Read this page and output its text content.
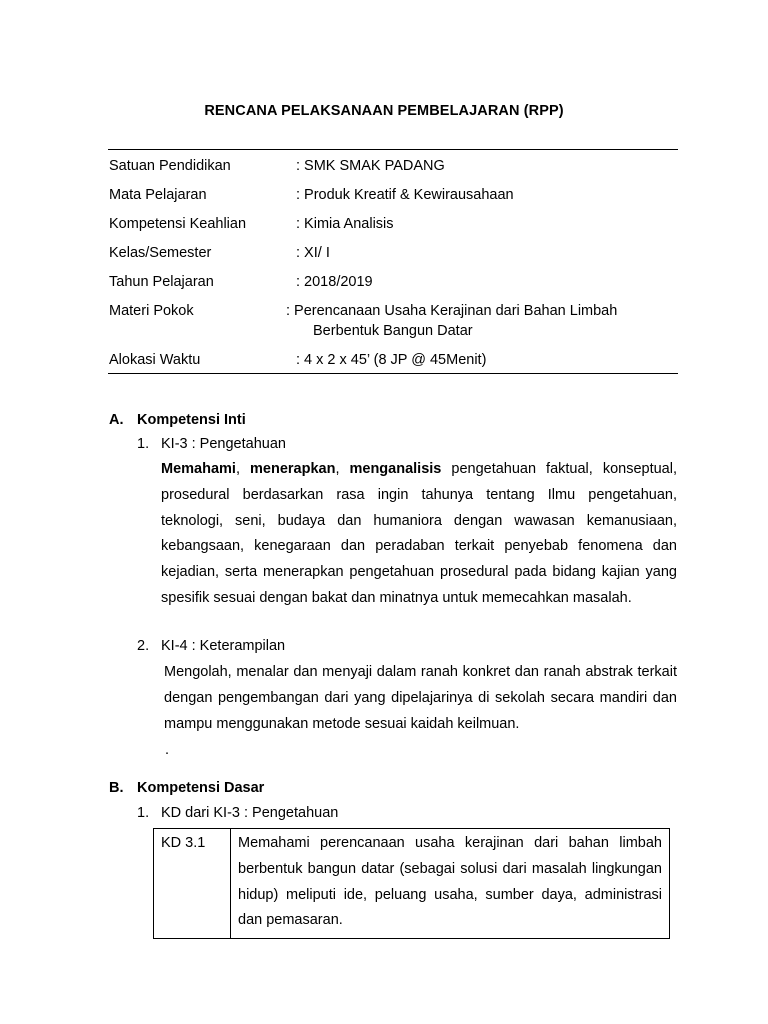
RENCANA PELAKSANAAN PEMBELAJARAN (RPP)
Satuan Pendidikan	: SMK SMAK PADANG
Mata Pelajaran	: Produk Kreatif & Kewirausahaan
Kompetensi Keahlian	: Kimia Analisis
Kelas/Semester	: XI/ I
Tahun Pelajaran	: 2018/2019
Materi Pokok	: Perencanaan Usaha Kerajinan dari Bahan Limbah
Berbentuk Bangun Datar
Alokasi Waktu	: 4 x 2 x 45’ (8 JP @ 45Menit)
A. Kompetensi Inti
1. KI-3 : Pengetahuan
Memahami, menerapkan, menganalisis pengetahuan faktual, konseptual, prosedural berdasarkan rasa ingin tahunya tentang Ilmu pengetahuan, teknologi, seni, budaya dan humaniora dengan wawasan kemanusiaan, kebangsaan, kenegaraan dan peradaban terkait penyebab fenomena dan kejadian, serta menerapkan pengetahuan prosedural pada bidang kajian yang spesifik sesuai dengan bakat dan minatnya untuk memecahkan masalah.
2. KI-4 : Keterampilan
Mengolah, menalar dan menyaji dalam ranah konkret dan ranah abstrak terkait dengan pengembangan dari yang dipelajarinya di sekolah secara mandiri dan mampu menggunakan metode sesuai kaidah keilmuan.
.
B. Kompetensi Dasar
1. KD dari KI-3 : Pengetahuan
KD 3.1	Memahami perencanaan usaha kerajinan dari bahan limbah berbentuk bangun datar (sebagai solusi dari masalah lingkungan hidup) meliputi ide, peluang usaha, sumber daya, administrasi dan pemasaran.
